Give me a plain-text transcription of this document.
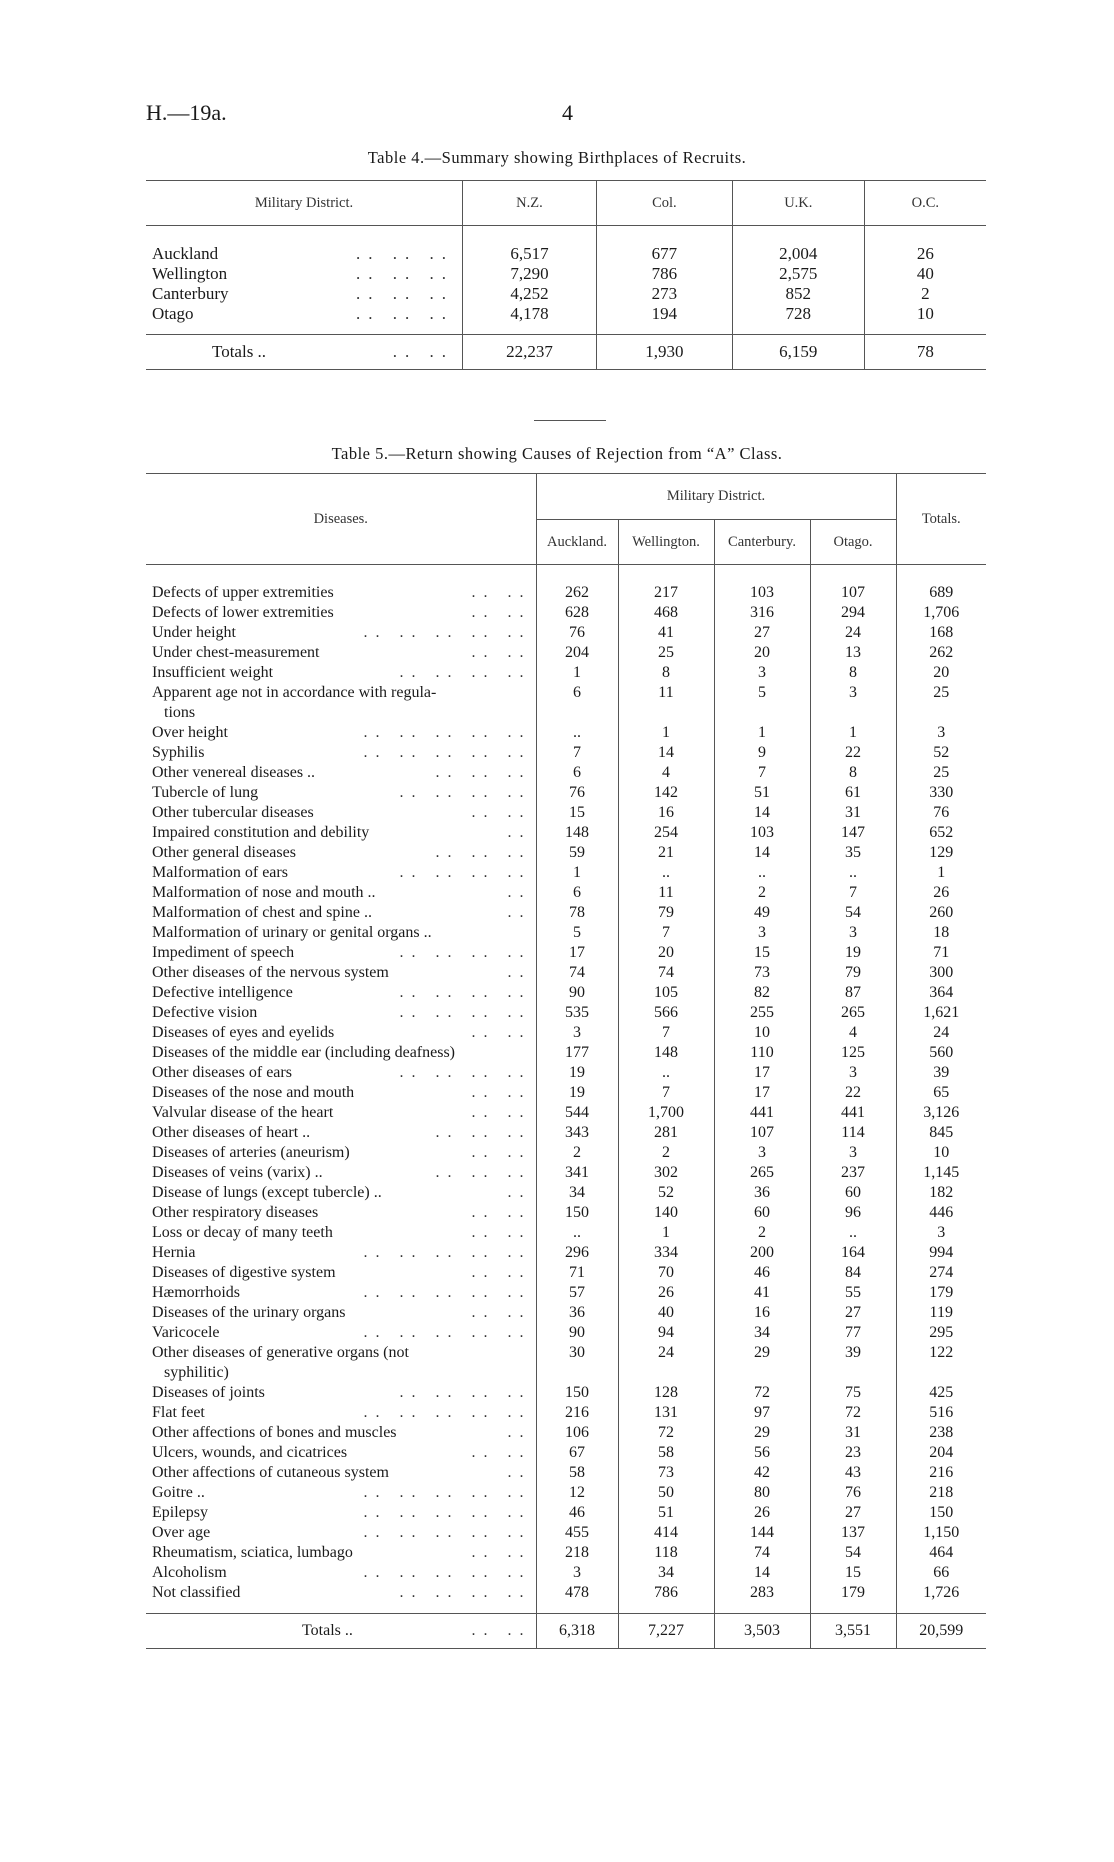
H.—19a.	4
Table 4.—Summary showing Birthplaces of Recruits.
Military District.	N.Z.	Col.	U.K.	O.C.

Auckland .. .. ..	6,517	677	2,004	26
Wellington .. .. ..	7,290	786	2,575	40
Canterbury .. .. ..	4,252	273	852	2
Otago .. .. ..	4,178	194	728	10

Totals .. .. ..	22,237	1,930	6,159	78
Table 5.—Return showing Causes of Rejection from “A” Class.
Diseases.	Military District.				Totals.
	Auckland.	Wellington.	Canterbury.	Otago.	

Defects of upper extremities .. ..	262	217	103	107	689
Defects of lower extremities .. ..	628	468	316	294	1,706
Under height .. .. .. .. ..	76	41	27	24	168
Under chest-measurement .. ..	204	25	20	13	262
Insufficient weight .. .. .. ..	1	8	3	8	20
Apparent age not in accordance with regula-
tions	6	11	5	3	25
Over height .. .. .. .. ..	..	1	1	1	3
Syphilis .. .. .. .. ..	7	14	9	22	52
Other venereal diseases .. .. .. ..	6	4	7	8	25
Tubercle of lung .. .. .. ..	76	142	51	61	330
Other tubercular diseases .. ..	15	16	14	31	76
Impaired constitution and debility ..	148	254	103	147	652
Other general diseases .. .. ..	59	21	14	35	129
Malformation of ears .. .. .. ..	1	..	..	..	1
Malformation of nose and mouth .. ..	6	11	2	7	26
Malformation of chest and spine .. ..	78	79	49	54	260
Malformation of urinary or genital organs ..	5	7	3	3	18
Impediment of speech .. .. .. ..	17	20	15	19	71
Other diseases of the nervous system ..	74	74	73	79	300
Defective intelligence .. .. .. ..	90	105	82	87	364
Defective vision .. .. .. ..	535	566	255	265	1,621
Diseases of eyes and eyelids .. ..	3	7	10	4	24
Diseases of the middle ear (including deafness)	177	148	110	125	560
Other diseases of ears .. .. .. ..	19	..	17	3	39
Diseases of the nose and mouth .. ..	19	7	17	22	65
Valvular disease of the heart .. ..	544	1,700	441	441	3,126
Other diseases of heart .. .. .. ..	343	281	107	114	845
Diseases of arteries (aneurism) .. ..	2	2	3	3	10
Diseases of veins (varix) .. .. .. ..	341	302	265	237	1,145
Disease of lungs (except tubercle) .. ..	34	52	36	60	182
Other respiratory diseases .. ..	150	140	60	96	446
Loss or decay of many teeth .. ..	..	1	2	..	3
Hernia .. .. .. .. ..	296	334	200	164	994
Diseases of digestive system .. ..	71	70	46	84	274
Hæmorrhoids .. .. .. .. ..	57	26	41	55	179
Diseases of the urinary organs .. ..	36	40	16	27	119
Varicocele .. .. .. .. ..	90	94	34	77	295
Other diseases of generative organs (not
syphilitic)	30	24	29	39	122
Diseases of joints .. .. .. ..	150	128	72	75	425
Flat feet .. .. .. .. ..	216	131	97	72	516
Other affections of bones and muscles ..	106	72	29	31	238
Ulcers, wounds, and cicatrices .. ..	67	58	56	23	204
Other affections of cutaneous system ..	58	73	42	43	216
Goitre .. .. .. .. .. ..	12	50	80	76	218
Epilepsy .. .. .. .. ..	46	51	26	27	150
Over age .. .. .. .. ..	455	414	144	137	1,150
Rheumatism, sciatica, lumbago .. ..	218	118	74	54	464
Alcoholism .. .. .. .. ..	3	34	14	15	66
Not classified .. .. .. ..	478	786	283	179	1,726

Totals .. .. ..	6,318	7,227	3,503	3,551	20,599
